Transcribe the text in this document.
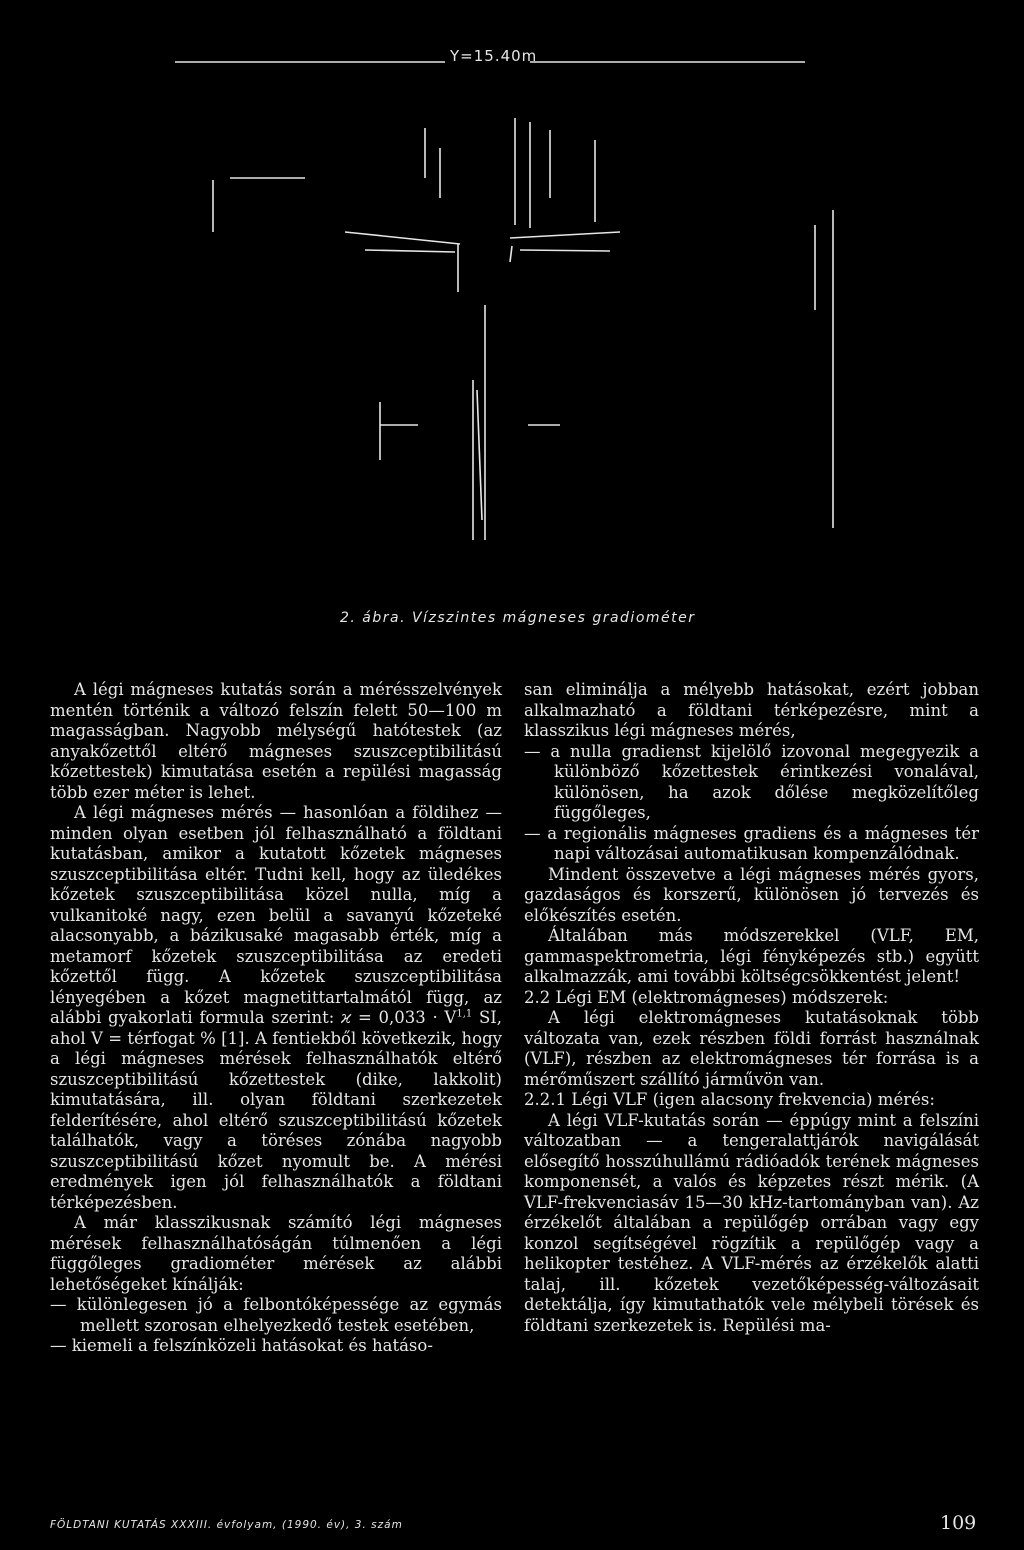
Y=15.40m
2. ábra. Vízszintes mágneses gradiométer

A légi mágneses kutatás során a mérésszelvények mentén történik a változó felszín felett 50—100 m magasságban. Nagyobb mélységű hatótestek (az anyakőzettől eltérő mágneses szuszceptibilitású kőzettestek) kimutatása esetén a repülési magasság több ezer méter is lehet.

A légi mágneses mérés — hasonlóan a földihez — minden olyan esetben jól felhasználható a földtani kutatásban, amikor a kutatott kőzetek mágneses szuszceptibilitása eltér. Tudni kell, hogy az üledékes kőzetek szuszceptibilitása közel nulla, míg a vulkanitoké nagy, ezen belül a savanyú kőzeteké alacsonyabb, a bázikusaké magasabb érték, míg a metamorf kőzetek szuszceptibilitása az eredeti kőzettől függ. A kőzetek szuszceptibilitása lényegében a kőzet magnetittartalmától függ, az alábbi gyakorlati formula szerint: ϰ = 0,033 · V$^{1,1}$ SI, ahol V = térfogat % [1]. A fentiekből következik, hogy a légi mágneses mérések felhasználhatók eltérő szuszceptibilitású kőzettestek (dike, lakkolit) kimutatására, ill. olyan földtani szerkezetek felderítésére, ahol eltérő szuszceptibilitású kőzetek találhatók, vagy a töréses zónába nagyobb szuszceptibilitású kőzet nyomult be. A mérési eredmények igen jól felhasználhatók a földtani térképezésben.

A már klasszikusnak számító légi mágneses mérések felhasználhatóságán túlmenően a légi függőleges gradiométer mérések az alábbi lehetőségeket kínálják:

— különlegesen jó a felbontóképessége az egymás mellett szorosan elhelyezkedő testek esetében,

— kiemeli a felszínközeli hatásokat és hatáso-

san eliminálja a mélyebb hatásokat, ezért jobban alkalmazható a földtani térképezésre, mint a klasszikus légi mágneses mérés,

— a nulla gradienst kijelölő izovonal megegyezik a különböző kőzettestek érintkezési vonalával, különösen, ha azok dőlése megközelítőleg függőleges,

— a regionális mágneses gradiens és a mágneses tér napi változásai automatikusan kompenzálódnak.

Mindent összevetve a légi mágneses mérés gyors, gazdaságos és korszerű, különösen jó tervezés és előkészítés esetén.

Általában más módszerekkel (VLF, EM, gammaspektrometria, légi fényképezés stb.) együtt alkalmazzák, ami további költségcsökkentést jelent!

2.2 Légi EM (elektromágneses) módszerek:

A légi elektromágneses kutatásoknak több változata van, ezek részben földi forrást használnak (VLF), részben az elektromágneses tér forrása is a mérőműszert szállító járművön van.

2.2.1 Légi VLF (igen alacsony frekvencia) mérés:

A légi VLF-kutatás során — éppúgy mint a felszíni változatban — a tengeralattjárók navigálását elősegítő hosszúhullámú rádióadók terének mágneses komponensét, a valós és képzetes részt mérik. (A VLF-frekvenciasáv 15—30 kHz-tartományban van). Az érzékelőt általában a repülőgép orrában vagy egy konzol segítségével rögzítik a repülőgép vagy a helikopter testéhez. A VLF-mérés az érzékelők alatti talaj, ill. kőzetek vezetőképesség-változásait detektálja, így kimutathatók vele mélybeli törések és földtani szerkezetek is. Repülési ma-

FÖLDTANI KUTATÁS XXXIII. évfolyam, (1990. év), 3. szám	109
